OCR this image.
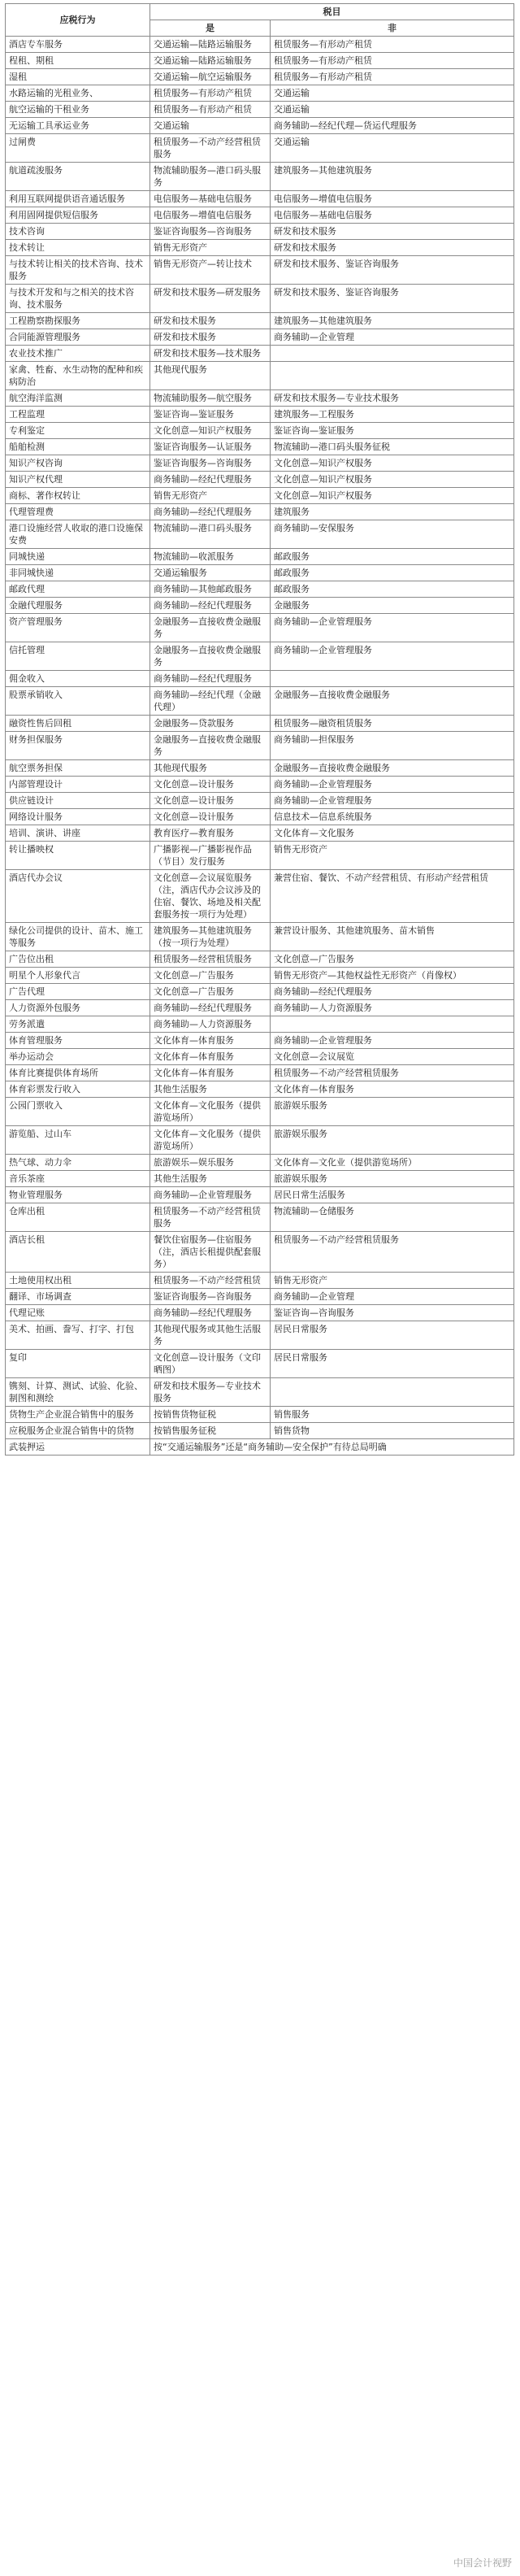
应税行为	税目	
	是	非
酒店专车服务	交通运输—陆路运输服务	租赁服务—有形动产租赁
程租、期租	交通运输—陆路运输服务	租赁服务—有形动产租赁
湿租	交通运输—航空运输服务	租赁服务—有形动产租赁
水路运输的光租业务、	租赁服务—有形动产租赁	交通运输
航空运输的干租业务	租赁服务—有形动产租赁	交通运输
无运输工具承运业务	交通运输	商务辅助—经纪代理—货运代理服务
过闸费	租赁服务—不动产经营租赁服务	交通运输
航道疏浚服务	物流辅助服务—港口码头服务	建筑服务—其他建筑服务
利用互联网提供语音通话服务	电信服务—基础电信服务	电信服务—增值电信服务
利用固网提供短信服务	电信服务—增值电信服务	电信服务—基础电信服务
技术咨询	鉴证咨询服务—咨询服务	研发和技术服务
技术转让	销售无形资产	研发和技术服务
与技术转让相关的技术咨询、技术服务	销售无形资产—转让技术	研发和技术服务、鉴证咨询服务
与技术开发和与之相关的技术咨询、技术服务	研发和技术服务—研发服务	研发和技术服务、鉴证咨询服务
工程勘察勘探服务	研发和技术服务	建筑服务—其他建筑服务
合同能源管理服务	研发和技术服务	商务辅助—企业管理
农业技术推广	研发和技术服务—技术服务	
家禽、牲畜、水生动物的配种和疾病防治	其他现代服务	
航空海洋监测	物流辅助服务—航空服务	研发和技术服务—专业技术服务
工程监理	鉴证咨询—鉴证服务	建筑服务—工程服务
专利鉴定	文化创意—知识产权服务	鉴证咨询—鉴证服务
船舶检测	鉴证咨询服务—认证服务	物流辅助—港口码头服务征税
知识产权咨询	鉴证咨询服务—咨询服务	文化创意—知识产权服务
知识产权代理	商务辅助—经纪代理服务	文化创意—知识产权服务
商标、著作权转让	销售无形资产	文化创意—知识产权服务
代理管理费	商务辅助—经纪代理服务	建筑服务
港口设施经营人收取的港口设施保安费	物流辅助—港口码头服务	商务辅助—安保服务
同城快递	物流辅助—收派服务	邮政服务
非同城快递	交通运输服务	邮政服务
邮政代理	商务辅助—其他邮政服务	邮政服务
金融代理服务	商务辅助—经纪代理服务	金融服务
资产管理服务	金融服务—直接收费金融服务	商务辅助—企业管理服务
信托管理	金融服务—直接收费金融服务	商务辅助—企业管理服务
佣金收入	商务辅助—经纪代理服务	
股票承销收入	商务辅助—经纪代理（金融代理）	金融服务—直接收费金融服务
融资性售后回租	金融服务—贷款服务	租赁服务—融资租赁服务
财务担保服务	金融服务—直接收费金融服务	商务辅助—担保服务
航空票务担保	其他现代服务	金融服务—直接收费金融服务
内部管理设计	文化创意—设计服务	商务辅助—企业管理服务
供应链设计	文化创意—设计服务	商务辅助—企业管理服务
网络设计服务	文化创意—设计服务	信息技术—信息系统服务
培训、演讲、讲座	教育医疗—教育服务	文化体育—文化服务
转让播映权	广播影视—广播影视作品（节目）发行服务	销售无形资产
酒店代办会议	文化创意—会议展览服务（注，酒店代办会议涉及的住宿、餐饮、场地及相关配套服务按一项行为处理）	兼营住宿、餐饮、不动产经营租赁、有形动产经营租赁
绿化公司提供的设计、苗木、施工等服务	建筑服务—其他建筑服务（按一项行为处理）	兼营设计服务、其他建筑服务、苗木销售
广告位出租	租赁服务—经营租赁服务	文化创意—广告服务
明星个人形象代言	文化创意—广告服务	销售无形资产—其他权益性无形资产（肖像权）
广告代理	文化创意—广告服务	商务辅助—经纪代理服务
人力资源外包服务	商务辅助—经纪代理服务	商务辅助—人力资源服务
劳务派遣	商务辅助—人力资源服务	
体育管理服务	文化体育—体育服务	商务辅助—企业管理服务
举办运动会	文化体育—体育服务	文化创意—会议展览
体育比赛提供体育场所	文化体育—体育服务	租赁服务—不动产经营租赁服务
体育彩票发行收入	其他生活服务	文化体育—体育服务
公园门票收入	文化体育—文化服务（提供游览场所）	旅游娱乐服务
游览船、过山车	文化体育—文化服务（提供游览场所）	旅游娱乐服务
热气球、动力伞	旅游娱乐—娱乐服务	文化体育—文化业（提供游览场所）
音乐茶座	其他生活服务	旅游娱乐服务
物业管理服务	商务辅助—企业管理服务	居民日常生活服务
仓库出租	租赁服务—不动产经营租赁服务	物流辅助—仓储服务
酒店长租	餐饮住宿服务—住宿服务（注，酒店长租提供配套服务）	租赁服务—不动产经营租赁服务
土地使用权出租	租赁服务—不动产经营租赁	销售无形资产
翻译、市场调查	鉴证咨询服务—咨询服务	商务辅助—企业管理
代理记账	商务辅助—经纪代理服务	鉴证咨询—咨询服务
美术、拍画、誊写、打字、打包	其他现代服务或其他生活服务	居民日常服务
复印	文化创意—设计服务（文印晒图）	居民日常服务
镌刻、计算、测试、试验、化验、制图和测绘	研发和技术服务—专业技术服务	
货物生产企业混合销售中的服务	按销售货物征税	销售服务
应税服务企业混合销售中的货物	按销售服务征税	销售货物
武装押运	按“交通运输服务”还是“商务辅助—安全保护”有待总局明确	
中国会计视野
